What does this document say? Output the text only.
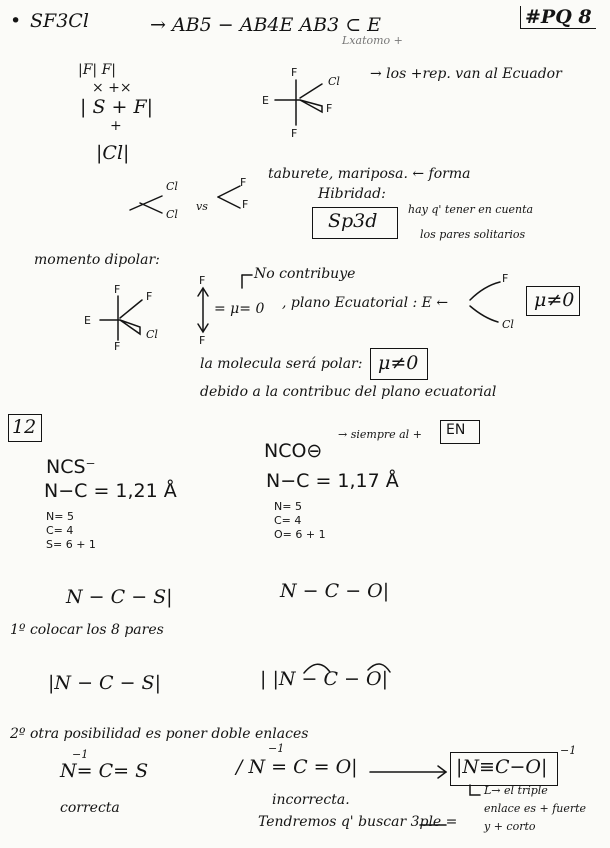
• SF3Cl	→ AB5 − AB4E AB3 ⊂ E
Lxatomo +
#PQ 8
|F| F|
× +×
| S + F|
+
|Cl|
F
E
Cl
F
F
→ los +rep. van al Ecuador
taburete, mariposa. ← forma
Hibridad:
Sp3d
hay q' tener en cuenta
los pares solitarios
vs
Cl
Cl
F
F
momento dipolar:
F
F
E
Cl
F
F
F
No contribuye
= μ= 0 , plano Ecuatorial : E ←
F
Cl
μ≠0
la molecula será polar: μ≠0
debido a la contribuc del plano ecuatorial
12
NCS⁻
N−C = 1,21 Å
N= 5
C= 4
S= 6 + 1
NCO⊖
→ siempre al + EN
N−C = 1,17 Å
N= 5
C= 4
O= 6 + 1
N − C − S|	N − C − O|
1º colocar los 8 pares
|N − C − S|	| |N − C − O|
2º otra posibilidad es poner doble enlaces
−1
N= C= S
correcta
−1
/ N = C = O|
incorrecta.
|N≡C−O|
−1
L→ el triple
enlace es + fuerte
y + corto
Tendremos q' buscar 3ple =
